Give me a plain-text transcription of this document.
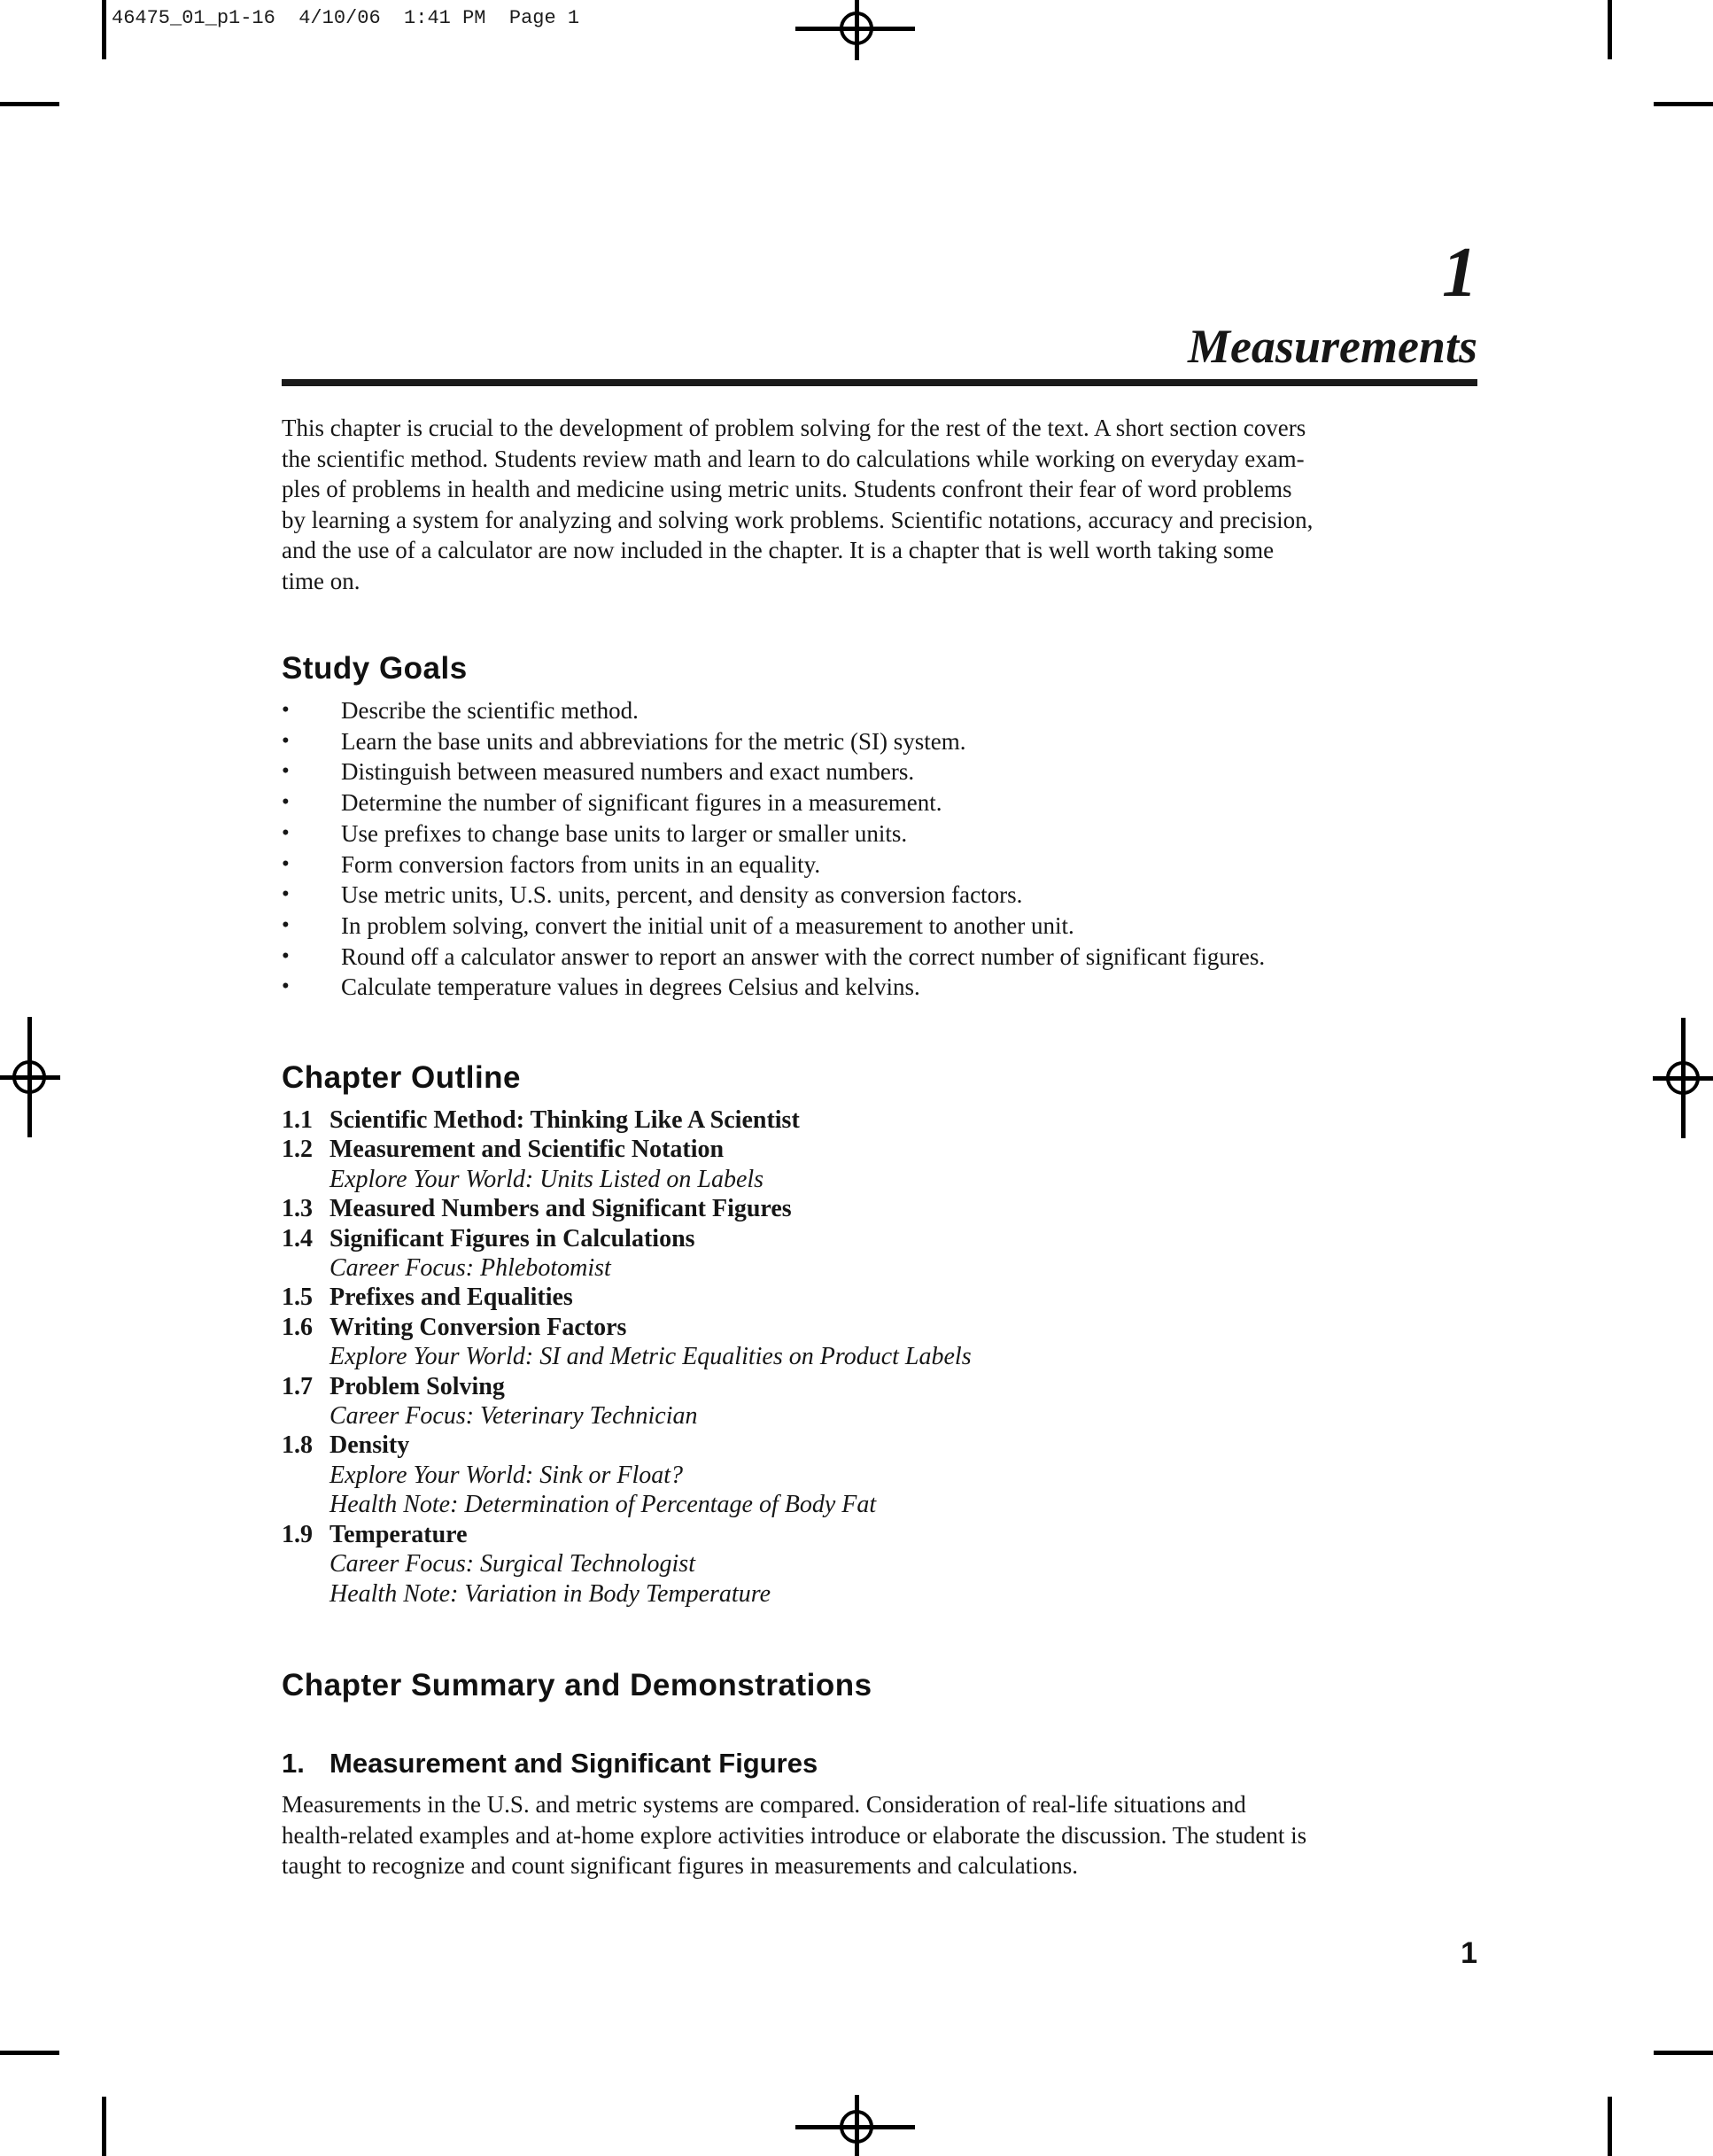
46475_01_p1-16  4/10/06  1:41 PM  Page 1
1
Measurements
This chapter is crucial to the development of problem solving for the rest of the text. A short section covers
the scientific method. Students review math and learn to do calculations while working on everyday exam-
ples of problems in health and medicine using metric units. Students confront their fear of word problems
by learning a system for analyzing and solving work problems. Scientific notations, accuracy and precision,
and the use of a calculator are now included in the chapter. It is a chapter that is well worth taking some
time on.
Study Goals
•	Describe the scientific method.
•	Learn the base units and abbreviations for the metric (SI) system.
•	Distinguish between measured numbers and exact numbers.
•	Determine the number of significant figures in a measurement.
•	Use prefixes to change base units to larger or smaller units.
•	Form conversion factors from units in an equality.
•	Use metric units, U.S. units, percent, and density as conversion factors.
•	In problem solving, convert the initial unit of a measurement to another unit.
•	Round off a calculator answer to report an answer with the correct number of significant figures.
•	Calculate temperature values in degrees Celsius and kelvins.
Chapter Outline
1.1 Scientific Method: Thinking Like A Scientist
1.2 Measurement and Scientific Notation
Explore Your World: Units Listed on Labels
1.3 Measured Numbers and Significant Figures
1.4 Significant Figures in Calculations
Career Focus: Phlebotomist
1.5 Prefixes and Equalities
1.6 Writing Conversion Factors
Explore Your World: SI and Metric Equalities on Product Labels
1.7 Problem Solving
Career Focus: Veterinary Technician
1.8 Density
Explore Your World: Sink or Float?
Health Note: Determination of Percentage of Body Fat
1.9 Temperature
Career Focus: Surgical Technologist
Health Note: Variation in Body Temperature
Chapter Summary and Demonstrations
1. Measurement and Significant Figures
Measurements in the U.S. and metric systems are compared. Consideration of real-life situations and
health-related examples and at-home explore activities introduce or elaborate the discussion. The student is
taught to recognize and count significant figures in measurements and calculations.
1
